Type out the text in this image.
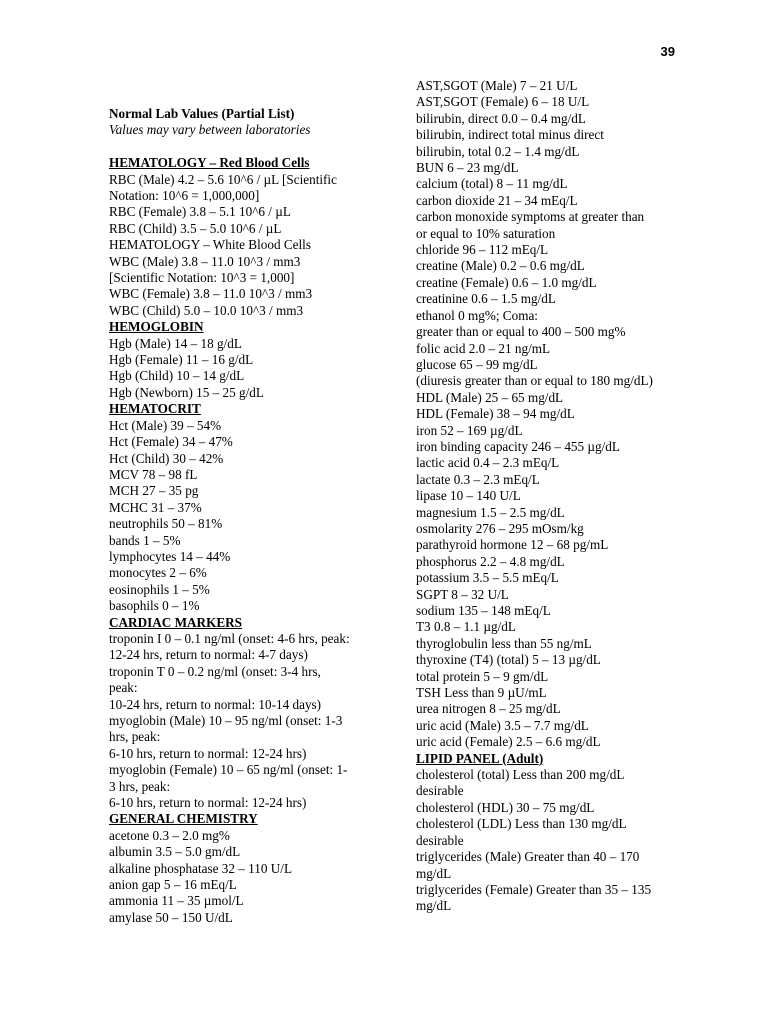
39
Normal Lab Values (Partial List)
Values may vary between laboratories
HEMATOLOGY – Red Blood Cells
RBC (Male) 4.2 – 5.6 10^6 / µL [Scientific
Notation: 10^6 = 1,000,000]
RBC (Female) 3.8 – 5.1 10^6 / µL
RBC (Child) 3.5 – 5.0 10^6 / µL
HEMATOLOGY – White Blood Cells
WBC (Male) 3.8 – 11.0 10^3 / mm3
[Scientific Notation: 10^3 = 1,000]
WBC (Female) 3.8 – 11.0 10^3 / mm3
WBC (Child) 5.0 – 10.0 10^3 / mm3
HEMOGLOBIN
Hgb (Male) 14 – 18 g/dL
Hgb (Female) 11 – 16 g/dL
Hgb (Child) 10 – 14 g/dL
Hgb (Newborn) 15 – 25 g/dL
HEMATOCRIT
Hct (Male) 39 – 54%
Hct (Female) 34 – 47%
Hct (Child) 30 – 42%
MCV 78 – 98 fL
MCH 27 – 35 pg
MCHC 31 – 37%
neutrophils 50 – 81%
bands 1 – 5%
lymphocytes 14 – 44%
monocytes 2 – 6%
eosinophils 1 – 5%
basophils 0 – 1%
CARDIAC MARKERS
troponin I 0 – 0.1 ng/ml (onset: 4-6 hrs, peak:
12-24 hrs, return to normal: 4-7 days)
troponin T 0 – 0.2 ng/ml (onset: 3-4 hrs,
peak:
10-24 hrs, return to normal: 10-14 days)
myoglobin (Male) 10 – 95 ng/ml (onset: 1-3
hrs, peak:
6-10 hrs, return to normal: 12-24 hrs)
myoglobin (Female) 10 – 65 ng/ml (onset: 1-
3 hrs, peak:
6-10 hrs, return to normal: 12-24 hrs)
GENERAL CHEMISTRY
acetone 0.3 – 2.0 mg%
albumin 3.5 – 5.0 gm/dL
alkaline phosphatase 32 – 110 U/L
anion gap 5 – 16 mEq/L
ammonia 11 – 35 µmol/L
amylase 50 – 150 U/dL
AST,SGOT (Male) 7 – 21 U/L
AST,SGOT (Female) 6 – 18 U/L
bilirubin, direct 0.0 – 0.4 mg/dL
bilirubin, indirect total minus direct
bilirubin, total 0.2 – 1.4 mg/dL
BUN 6 – 23 mg/dL
calcium (total) 8 – 11 mg/dL
carbon dioxide 21 – 34 mEq/L
carbon monoxide symptoms at greater than
or equal to 10% saturation
chloride 96 – 112 mEq/L
creatine (Male) 0.2 – 0.6 mg/dL
creatine (Female) 0.6 – 1.0 mg/dL
creatinine 0.6 – 1.5 mg/dL
ethanol 0 mg%; Coma:
greater than or equal to 400 – 500 mg%
folic acid 2.0 – 21 ng/mL
glucose 65 – 99 mg/dL
(diuresis greater than or equal to 180 mg/dL)
HDL (Male) 25 – 65 mg/dL
HDL (Female) 38 – 94 mg/dL
iron 52 – 169 µg/dL
iron binding capacity 246 – 455 µg/dL
lactic acid 0.4 – 2.3 mEq/L
lactate 0.3 – 2.3 mEq/L
lipase 10 – 140 U/L
magnesium 1.5 – 2.5 mg/dL
osmolarity 276 – 295 mOsm/kg
parathyroid hormone 12 – 68 pg/mL
phosphorus 2.2 – 4.8 mg/dL
potassium 3.5 – 5.5 mEq/L
SGPT 8 – 32 U/L
sodium 135 – 148 mEq/L
T3 0.8 – 1.1 µg/dL
thyroglobulin less than 55 ng/mL
thyroxine (T4) (total) 5 – 13 µg/dL
total protein 5 – 9 gm/dL
TSH Less than 9 µU/mL
urea nitrogen 8 – 25 mg/dL
uric acid (Male) 3.5 – 7.7 mg/dL
uric acid (Female) 2.5 – 6.6 mg/dL
LIPID PANEL (Adult)
cholesterol (total) Less than 200 mg/dL
desirable
cholesterol (HDL) 30 – 75 mg/dL
cholesterol (LDL) Less than 130 mg/dL
desirable
triglycerides (Male) Greater than 40 – 170
mg/dL
triglycerides (Female) Greater than 35 – 135
mg/dL
